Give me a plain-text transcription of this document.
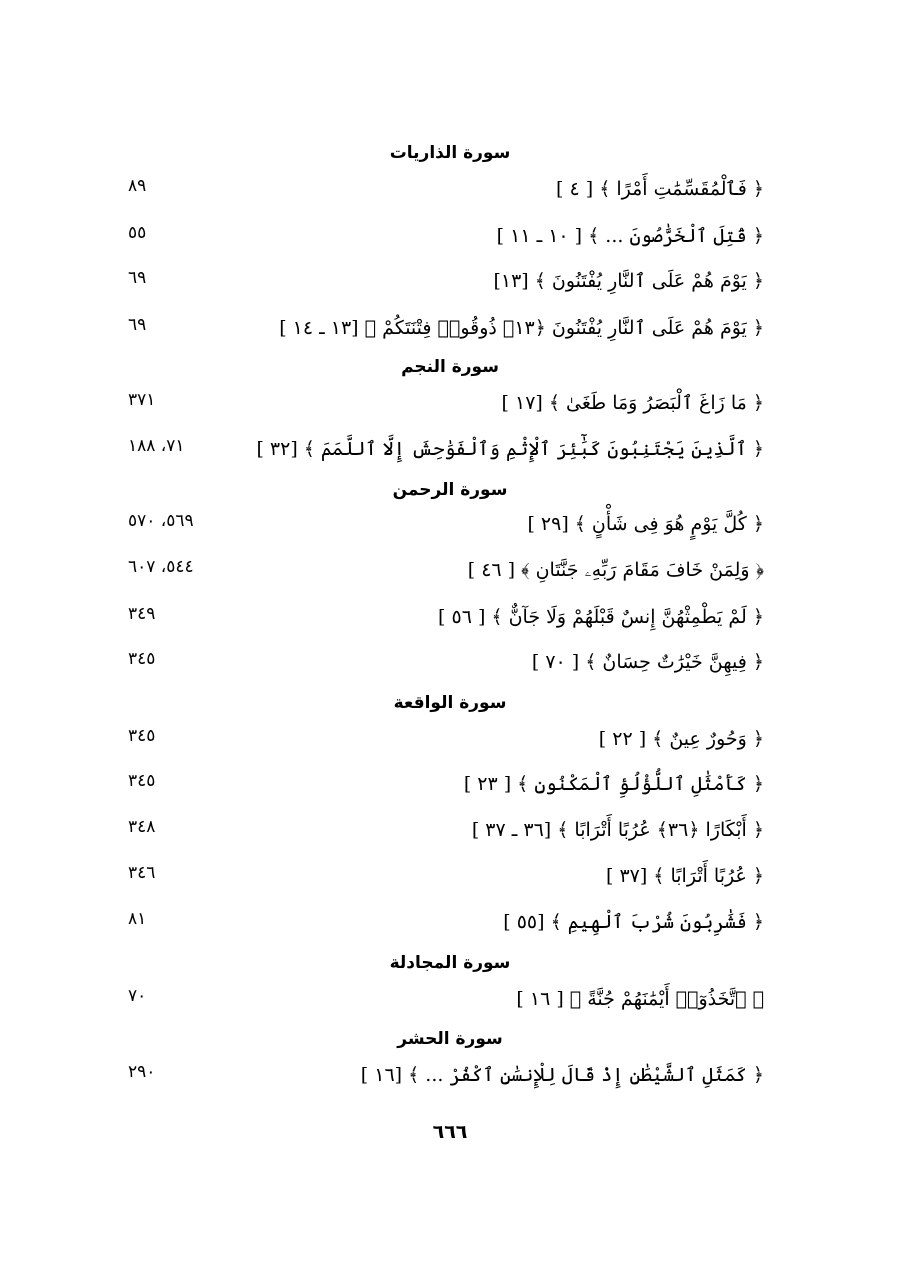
سورة الذاريات
﴿ فَٱلْمُقَسِّمَٰتِ أَمْرًا ﴾ [ ٤ ]
٨٩
﴿ قُتِلَ ٱلْخَرَّٰصُونَ ... ﴾ [ ١٠ ـ ١١ ]
٥٥
﴿ يَوْمَ هُمْ عَلَى ٱلنَّارِ يُفْتَنُونَ ﴾ [١٣]
٦٩
﴿ يَوْمَ هُمْ عَلَى ٱلنَّارِ يُفْتَنُونَ ﴿١٣﴾ ذُوقُوا۟ فِتْنَتَكُمْ ﴾ [١٣ ـ ١٤ ]
٦٩
سورة النجم
﴿ مَا زَاغَ ٱلْبَصَرُ وَمَا طَغَىٰ ﴾ [١٧ ]
٣٧١
﴿ ٱلَّذِينَ يَجْتَنِبُونَ كَبَٰٓئِرَ ٱلْإِثْمِ وَٱلْفَوَٰحِشَ إِلَّا ٱللَّمَمَ ﴾ [٣٢ ]
٧١، ١٨٨
سورة الرحمن
﴿ كُلَّ يَوْمٍ هُوَ فِى شَأْنٍ ﴾ [٢٩ ]
٥٦٩، ٥٧٠
﴿ وَلِمَنْ خَافَ مَقَامَ رَبِّهِۦ جَنَّتَانِ ﴾ [ ٤٦ ]
٥٤٤، ٦٠٧
﴿ لَمْ يَطْمِثْهُنَّ إِنسٌ قَبْلَهُمْ وَلَا جَآنٌّ ﴾ [ ٥٦ ]
٣٤٩
﴿ فِيهِنَّ خَيْرَٰتٌ حِسَانٌ ﴾ [ ٧٠ ]
٣٤٥
سورة الواقعة
﴿ وَحُورٌ عِينٌ ﴾ [ ٢٢ ]
٣٤٥
﴿ كَأَمْثَٰلِ ٱللُّؤْلُؤِ ٱلْمَكْنُونِ ﴾ [ ٢٣ ]
٣٤٥
﴿ أَبْكَارًا ﴿٣٦﴾ عُرُبًا أَتْرَابًا ﴾ [٣٦ ـ ٣٧ ]
٣٤٨
﴿ عُرُبًا أَتْرَابًا ﴾ [٣٧ ]
٣٤٦
﴿ فَشَٰرِبُونَ شُرْبَ ٱلْهِيمِ ﴾ [٥٥ ]
٨١
سورة المجادلة
﴿ ٱتَّخَذُوٓا۟ أَيْمَٰنَهُمْ جُنَّةً ﴾ [ ١٦ ]
٧٠
سورة الحشر
﴿ كَمَثَلِ ٱلشَّيْطَٰنِ إِذْ قَالَ لِلْإِنسَٰنِ ٱكْفُرْ ... ﴾ [١٦ ]
٢٩٠
٦٦٦
